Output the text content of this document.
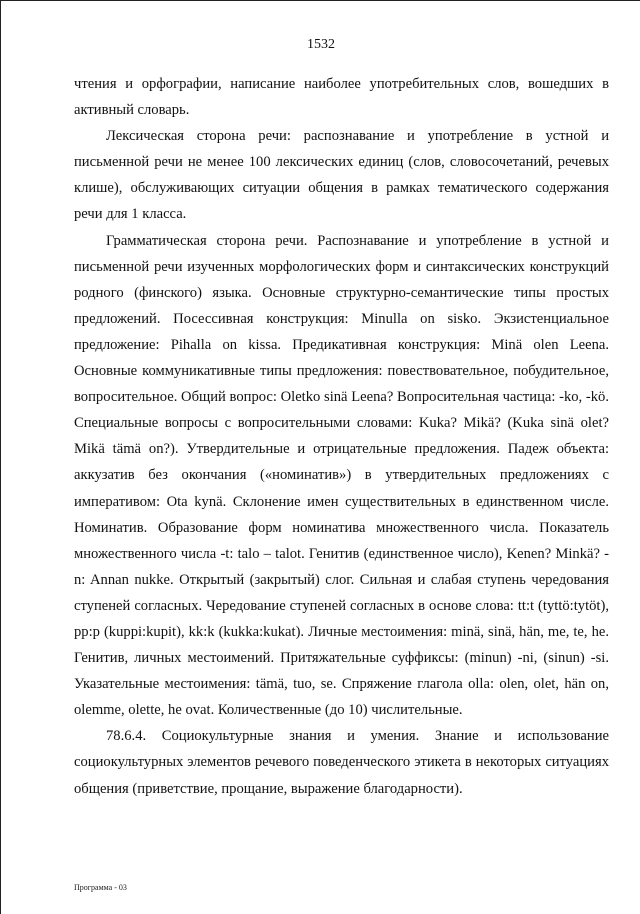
1532

чтения и орфографии, написание наиболее употребительных слов, вошедших в активный словарь.

Лексическая сторона речи: распознавание и употребление в устной и письменной речи не менее 100 лексических единиц (слов, словосочетаний, речевых клише), обслуживающих ситуации общения в рамках тематического содержания речи для 1 класса.

Грамматическая сторона речи. Распознавание и употребление в устной и письменной речи изученных морфологических форм и синтаксических конструкций родного (финского) языка. Основные структурно-семантические типы простых предложений. Посессивная конструкция: Minulla on sisko. Экзистенциальное предложение: Pihalla on kissa. Предикативная конструкция: Minä olen Leena. Основные коммуникативные типы предложения: повествовательное, побудительное, вопросительное. Общий вопрос: Oletko sinä Leena? Вопросительная частица: -ko, -kö. Специальные вопросы с вопросительными словами: Kuka? Mikä? (Kuka sinä olet? Mikä tämä on?). Утвердительные и отрицательные предложения. Падеж объекта: аккузатив без окончания («номинатив») в утвердительных предложениях с императивом: Ota kynä. Склонение имен существительных в единственном числе. Номинатив. Образование форм номинатива множественного числа. Показатель множественного числа -t: talo – talot. Генитив (единственное число), Kenen? Minkä? -n: Annan nukke. Открытый (закрытый) слог. Сильная и слабая ступень чередования ступеней согласных. Чередование ступеней согласных в основе слова: tt:t (tyttö:tytöt), pp:p (kuppi:kupit), kk:k (kukka:kukat). Личные местоимения: minä, sinä, hän, me, te, he. Генитив, личных местоимений. Притяжательные суффиксы: (minun) -ni, (sinun) -si. Указательные местоимения: tämä, tuo, se. Спряжение глагола olla: olen, olet, hän on, olemme, olette, he ovat. Количественные (до 10) числительные.

78.6.4. Социокультурные знания и умения. Знание и использование социокультурных элементов речевого поведенческого этикета в некоторых ситуациях общения (приветствие, прощание, выражение благодарности).

Программа - 03
